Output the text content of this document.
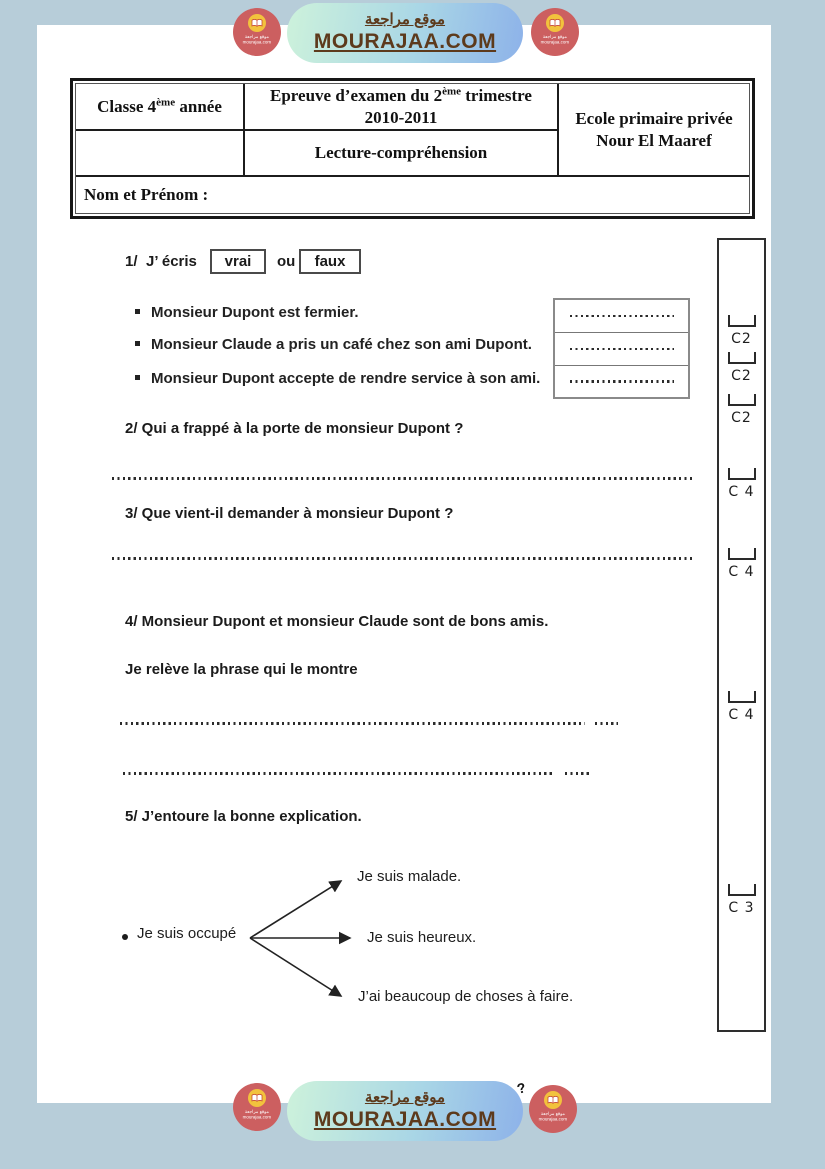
Classe 4ème année
Epreuve d’examen du 2ème trimestre
2010-2011	Ecole primaire privée
Nour El Maaref
Lecture-compréhension
Nom et Prénom :
1/ J’ écris vrai ou faux
Monsieur Dupont est fermier.
Monsieur Claude a pris un café chez son ami Dupont.
Monsieur Dupont accepte de rendre service à son ami.
2/ Qui a frappé à la porte de monsieur Dupont ?
3/ Que vient-il demander à monsieur Dupont ?
4/ Monsieur Dupont et monsieur Claude sont de bons amis.
Je relève la phrase qui le montre
5/ J’entoure la bonne explication.
Je suis occupé
Je suis malade.
Je suis heureux.
J’ai beaucoup de choses à faire.
C2
C2
C2
C 4
C 4
C 4
C 3
?
موقع مراجعة
MOURAJAA.COM
موقع مراجعة
mourajaa.com
موقع مراجعة
mourajaa.com
موقع مراجعة
MOURAJAA.COM
موقع مراجعة
mourajaa.com
موقع مراجعة
mourajaa.com
